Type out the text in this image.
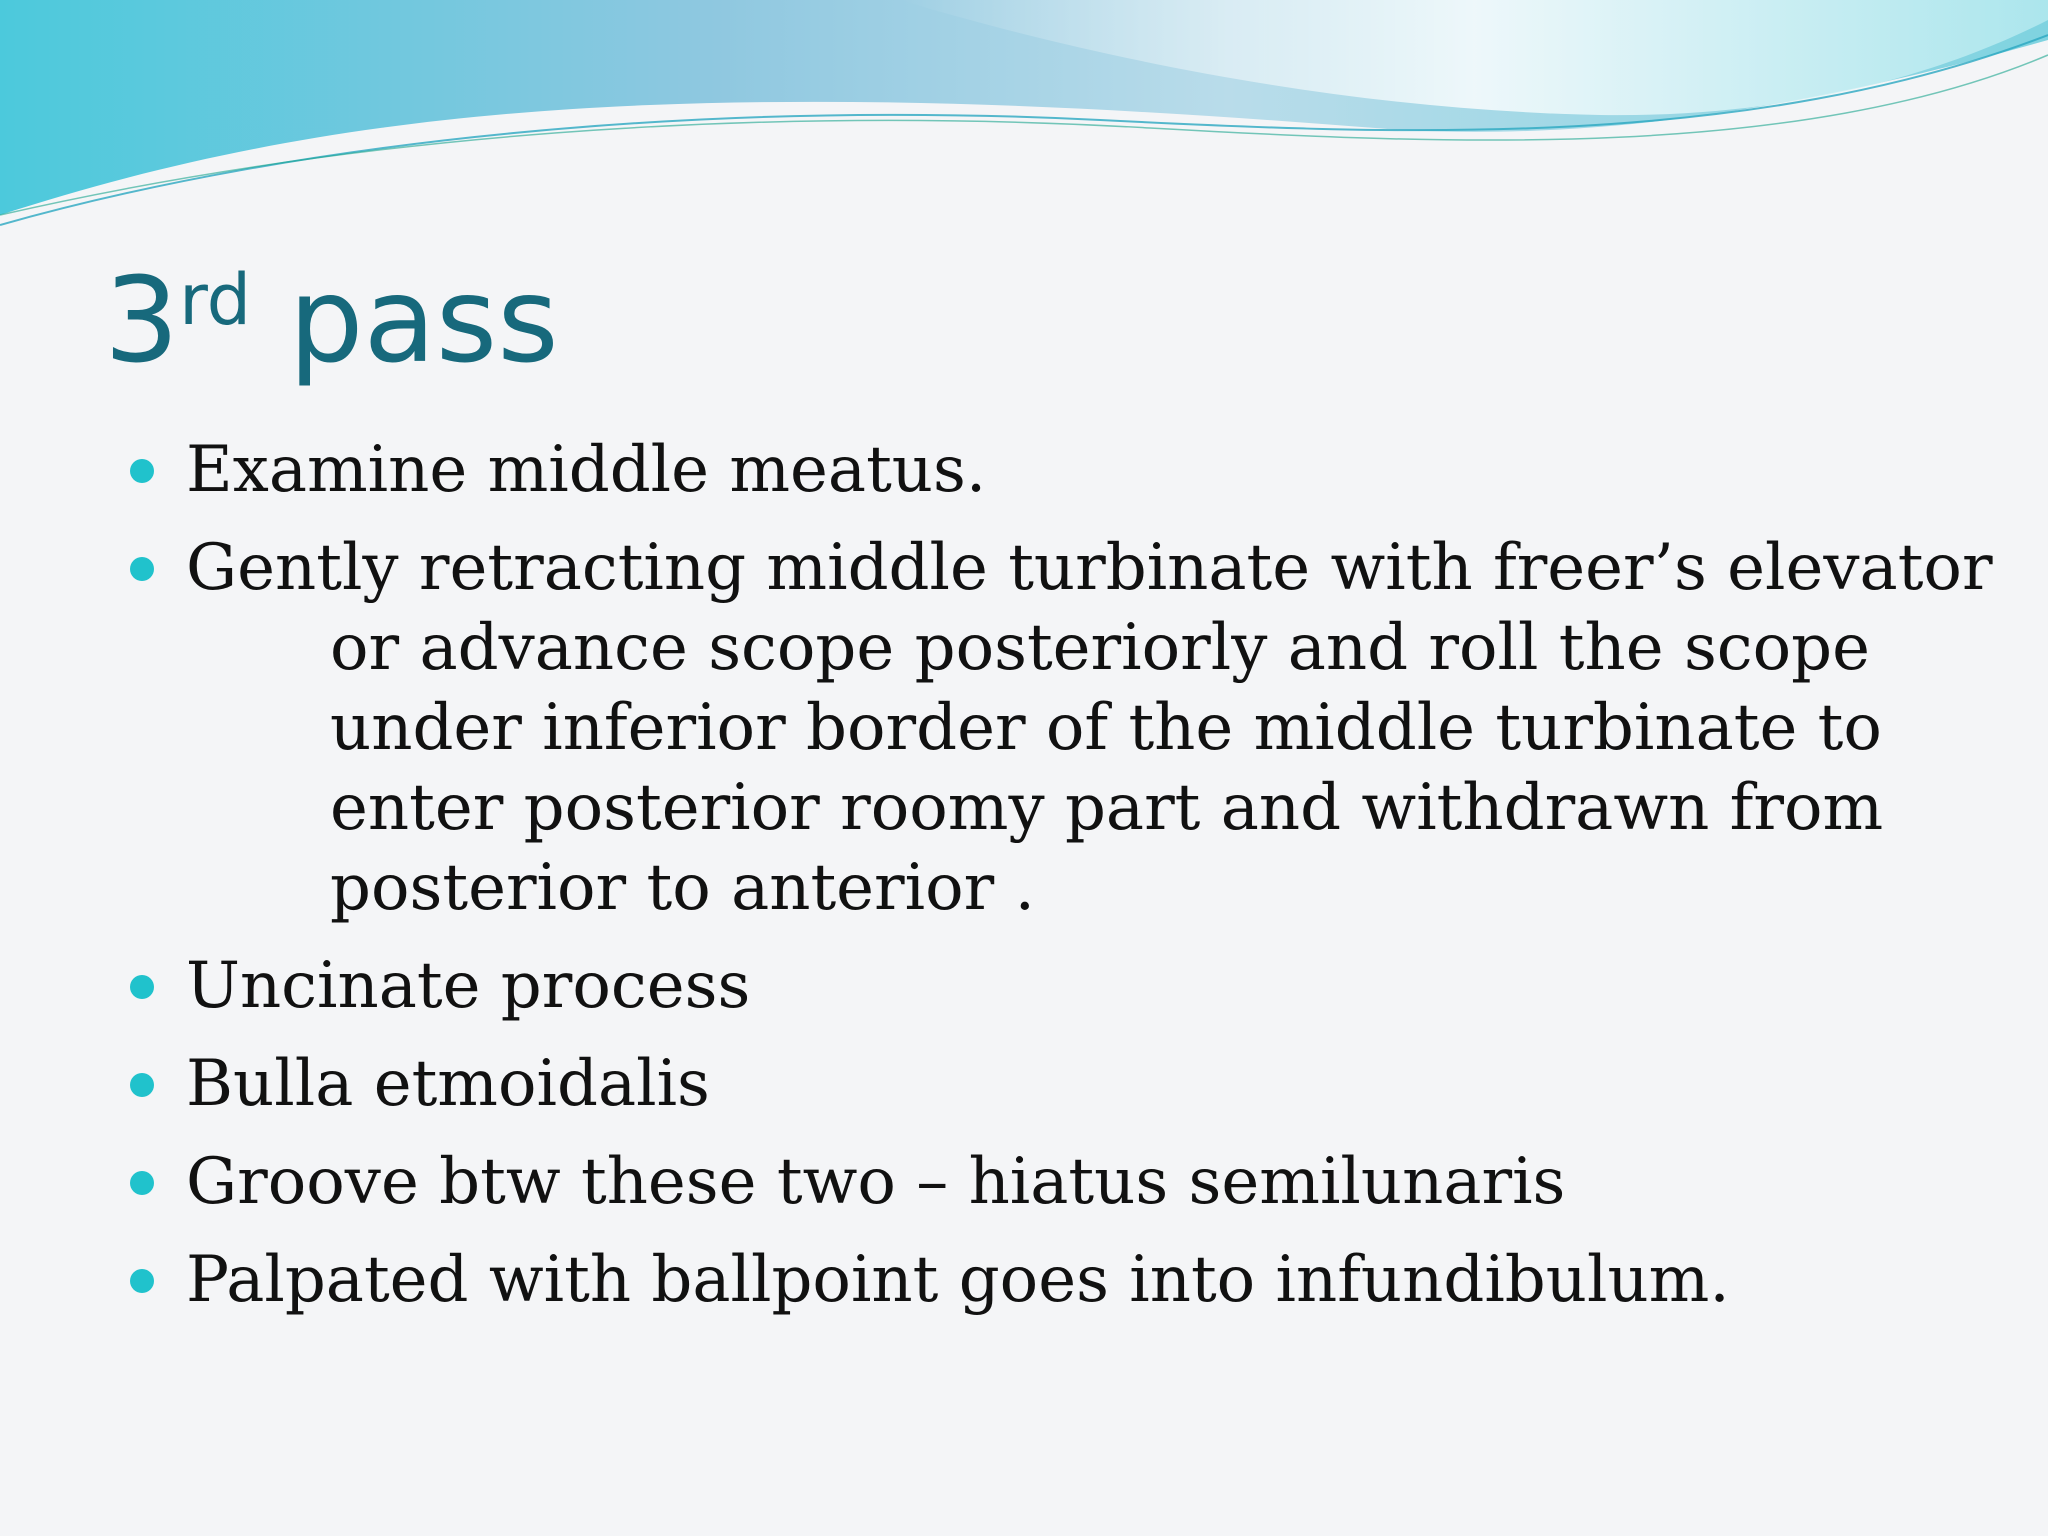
3rd pass
Examine middle meatus.
Gently retracting middle turbinate with freer’s elevator or advance scope posteriorly and roll the scope under inferior border of the middle turbinate to enter posterior roomy part and withdrawn from posterior to anterior .
Uncinate process
Bulla etmoidalis
Groove btw these two – hiatus semilunaris
Palpated with ballpoint goes into infundibulum.
